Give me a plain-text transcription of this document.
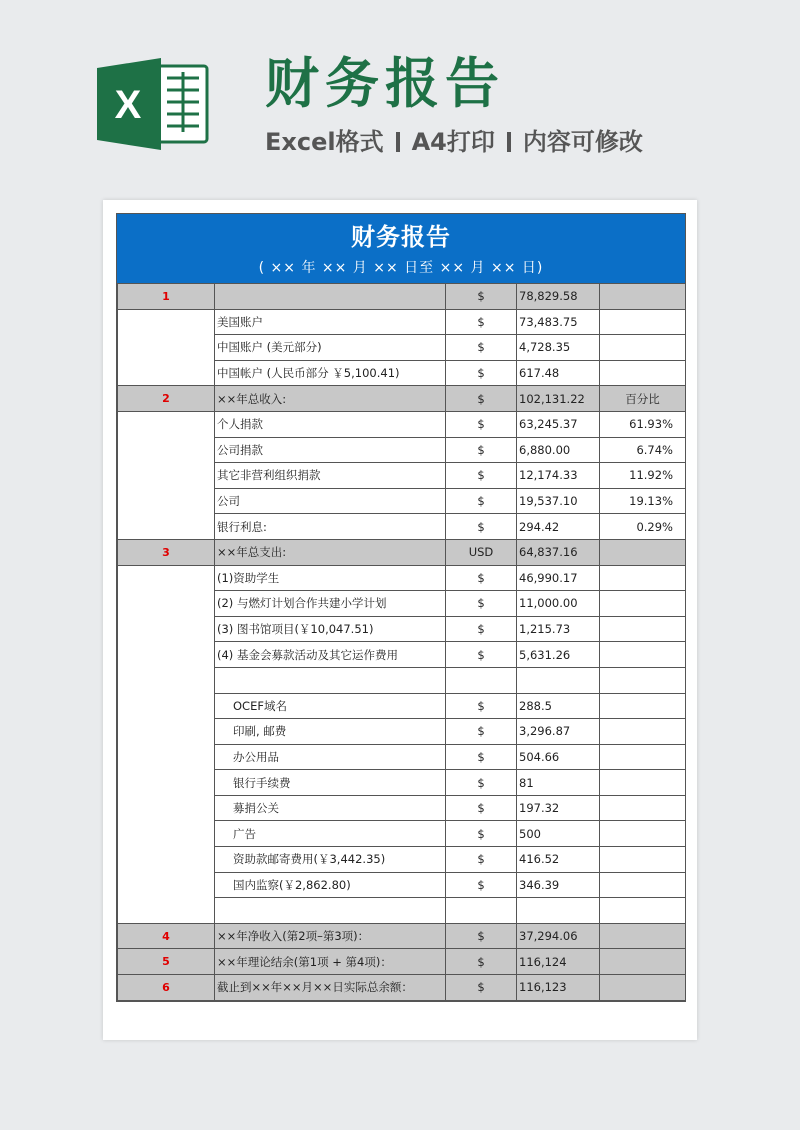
X 财务报告
Excel格式 A4打印 内容可修改
财务报告
( ×× 年 ×× 月 ×× 日至 ×× 月 ×× 日)
1		$	78,829.58	
	美国账户	$	73,483.75	
	中国账户 (美元部分)	$	4,728.35	
	中国帐户 (人民币部分 ￥5,100.41)	$	617.48	
2	××年总收入:	$	102,131.22	百分比
	个人捐款	$	63,245.37	61.93%
	公司捐款	$	6,880.00	6.74%
	其它非营利组织捐款	$	12,174.33	11.92%
	公司	$	19,537.10	19.13%
	银行利息:	$	294.42	0.29%
3	××年总支出:	USD	64,837.16	
	(1)资助学生	$	46,990.17	
	(2) 与燃灯计划合作共建小学计划	$	11,000.00	
	(3) 图书馆项目(￥10,047.51)	$	1,215.73	
	(4) 基金会募款活动及其它运作费用	$	5,631.26	

	OCEF域名	$	288.5	
	印刷, 邮费	$	3,296.87	
	办公用品	$	504.66	
	银行手续费	$	81	
	募捐公关	$	197.32	
	广告	$	500	
	资助款邮寄费用(￥3,442.35)	$	416.52	
	国内监察(￥2,862.80)	$	346.39	

4	××年净收入(第2项–第3项)：	$	37,294.06	
5	××年理论结余(第1项 + 第4项)：	$	116,124	
6	截止到××年××月××日实际总余额：	$	116,123	
